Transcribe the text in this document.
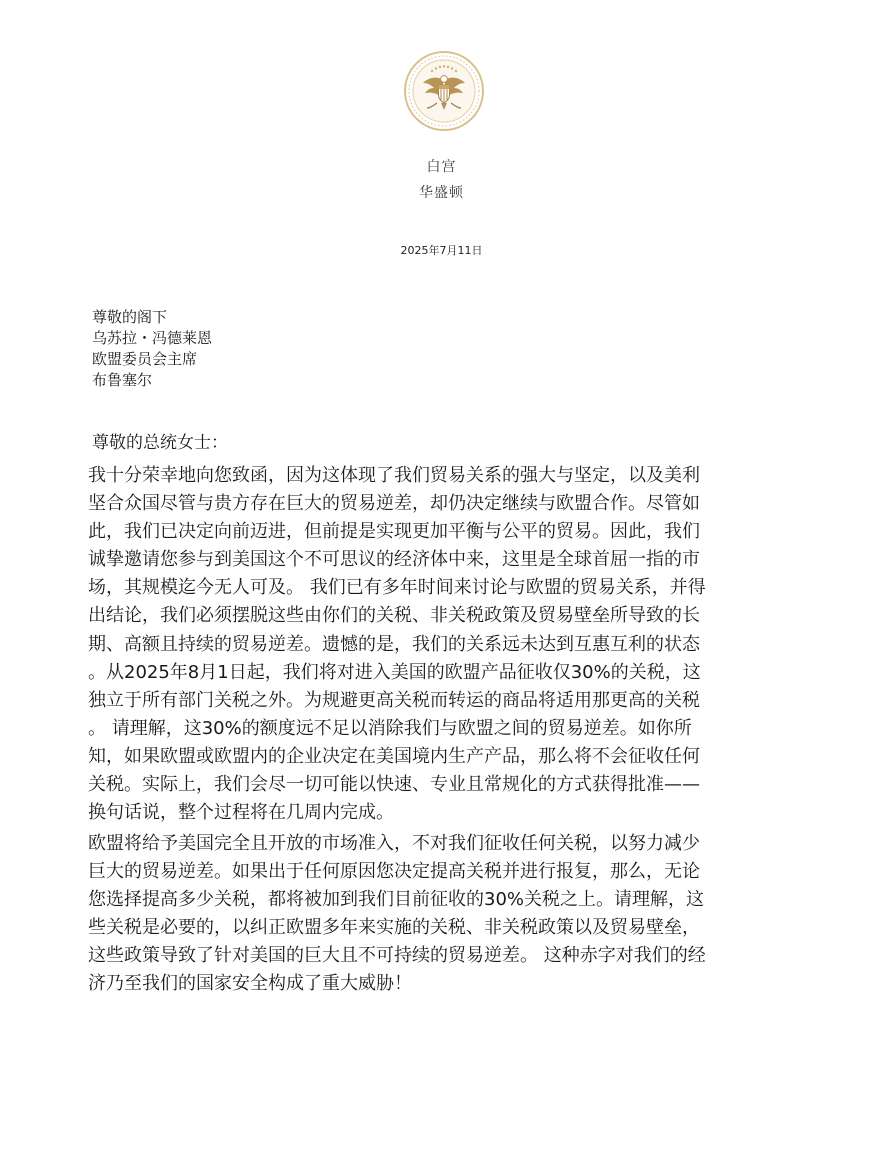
白宫
华盛顿
2025年7月11日
尊敬的阁下
乌苏拉・冯德莱恩
欧盟委员会主席
布鲁塞尔
尊敬的总统女士：
我十分荣幸地向您致函，因为这体现了我们贸易关系的强大与坚定，以及美利
坚合众国尽管与贵方存在巨大的贸易逆差，却仍决定继续与欧盟合作。尽管如
此，我们已决定向前迈进，但前提是实现更加平衡与公平的贸易。因此，我们
诚挚邀请您参与到美国这个不可思议的经济体中来，这里是全球首屈一指的市
场，其规模迄今无人可及。 我们已有多年时间来讨论与欧盟的贸易关系，并得
出结论，我们必须摆脱这些由你们的关税、非关税政策及贸易壁垒所导致的长
期、高额且持续的贸易逆差。遗憾的是，我们的关系远未达到互惠互利的状态
。从2025年8月1日起，我们将对进入美国的欧盟产品征收仅30%的关税，这
独立于所有部门关税之外。为规避更高关税而转运的商品将适用那更高的关税
。 请理解，这30%的额度远不足以消除我们与欧盟之间的贸易逆差。如你所
知，如果欧盟或欧盟内的企业决定在美国境内生产产品，那么将不会征收任何
关税。实际上，我们会尽一切可能以快速、专业且常规化的方式获得批准——
换句话说，整个过程将在几周内完成。
欧盟将给予美国完全且开放的市场准入，不对我们征收任何关税，以努力减少
巨大的贸易逆差。如果出于任何原因您决定提高关税并进行报复，那么，无论
您选择提高多少关税，都将被加到我们目前征收的30%关税之上。请理解，这
些关税是必要的，以纠正欧盟多年来实施的关税、非关税政策以及贸易壁垒，
这些政策导致了针对美国的巨大且不可持续的贸易逆差。 这种赤字对我们的经
济乃至我们的国家安全构成了重大威胁！
